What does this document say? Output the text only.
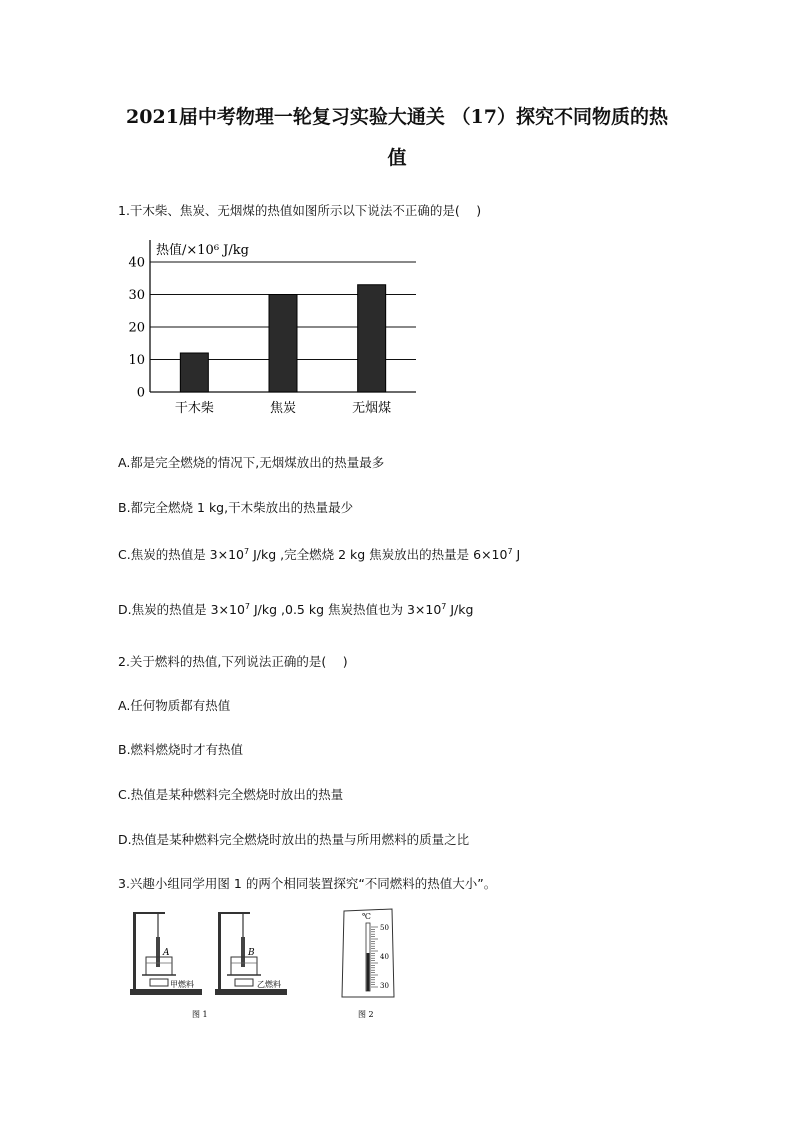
2021届中考物理一轮复习实验大通关 （17）探究不同物质的热
值
1.干木柴、焦炭、无烟煤的热值如图所示以下说法不正确的是(　 )
热值/×10⁶ J/kg
0
10
20
30
40
干木柴	焦炭	无烟煤
A.都是完全燃烧的情况下,无烟煤放出的热量最多
B.都完全燃烧 1 kg,干木柴放出的热量最少
C.焦炭的热值是 $3\times 10^7$ J/kg ,完全燃烧 2 kg 焦炭放出的热量是 $6\times 10^7$ J
D.焦炭的热值是 $3\times 10^7$ J/kg ,0.5 kg 焦炭热值也为 $3\times 10^7$ J/kg
2.关于燃料的热值,下列说法正确的是(　 )
A.任何物质都有热值
B.燃料燃烧时才有热值
C.热值是某种燃料完全燃烧时放出的热量
D.热值是某种燃料完全燃烧时放出的热量与所用燃料的质量之比
3.兴趣小组同学用图 1 的两个相同装置探究“不同燃料的热值大小”。
A
甲燃料
B
乙燃料
图 1
℃
50
40
30
图 2
